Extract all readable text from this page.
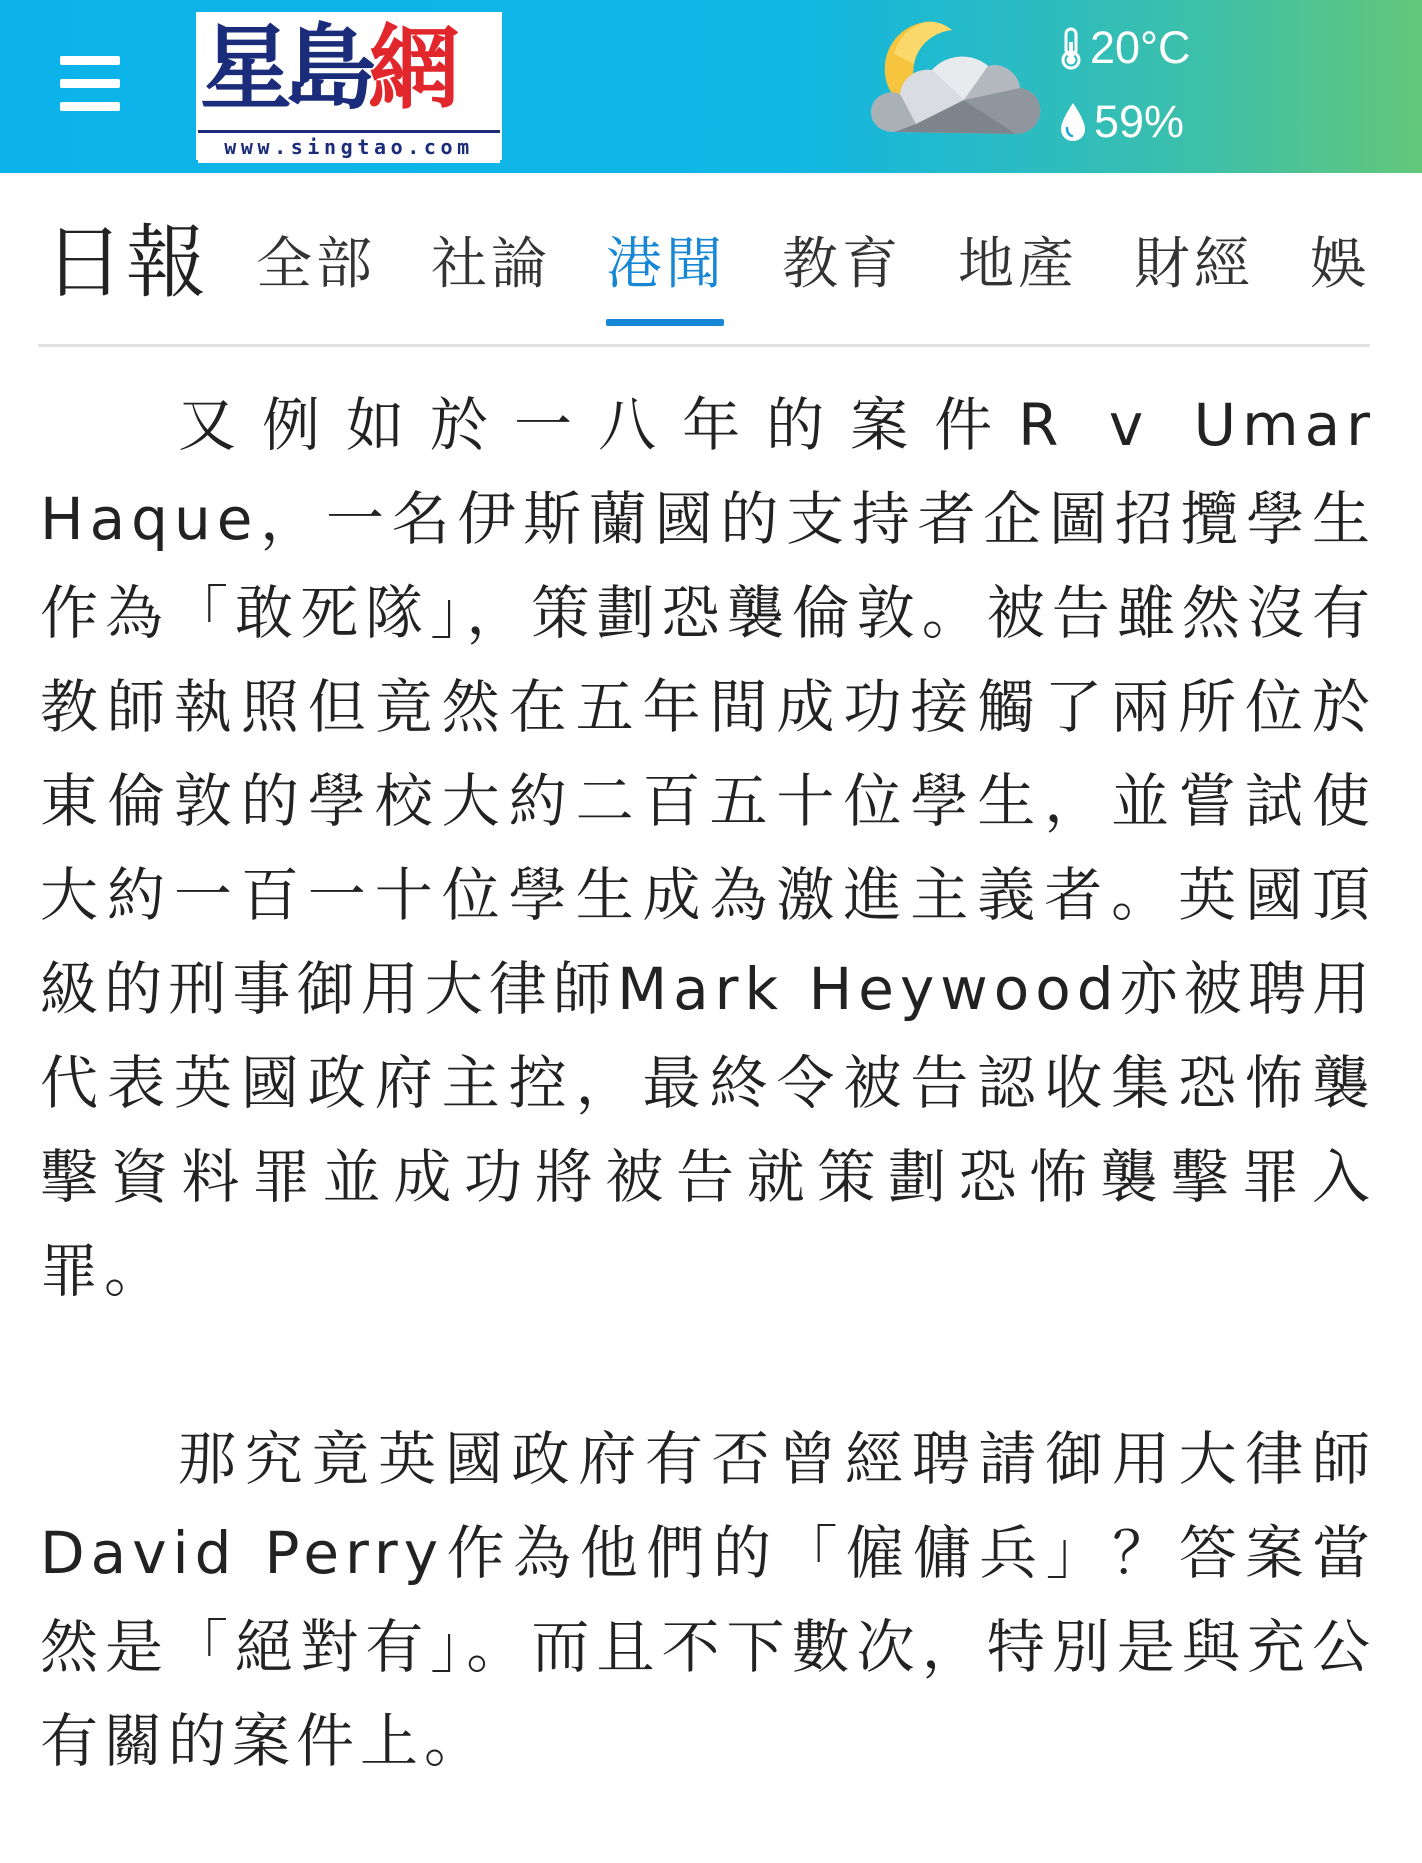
星 島 網
www.singtao.com
20°C
59%
日報 全部 社論 港聞 教育 地產 財經 娛

又例如於一八年的案件R v Umar Haque，一名伊斯蘭國的支持者企圖招攬學生作為「敢死隊」，策劃恐襲倫敦。被告雖然沒有教師執照但竟然在五年間成功接觸了兩所位於東倫敦的學校大約二百五十位學生，並嘗試使大約一百一十位學生成為激進主義者。英國頂級的刑事御用大律師Mark Heywood亦被聘用代表英國政府主控，最終令被告認收集恐怖襲擊資料罪並成功將被告就策劃恐怖襲擊罪入罪。

那究竟英國政府有否曾經聘請御用大律師David Perry作為他們的「僱傭兵」？答案當然是「絕對有」。而且不下數次，特別是與充公有關的案件上。
